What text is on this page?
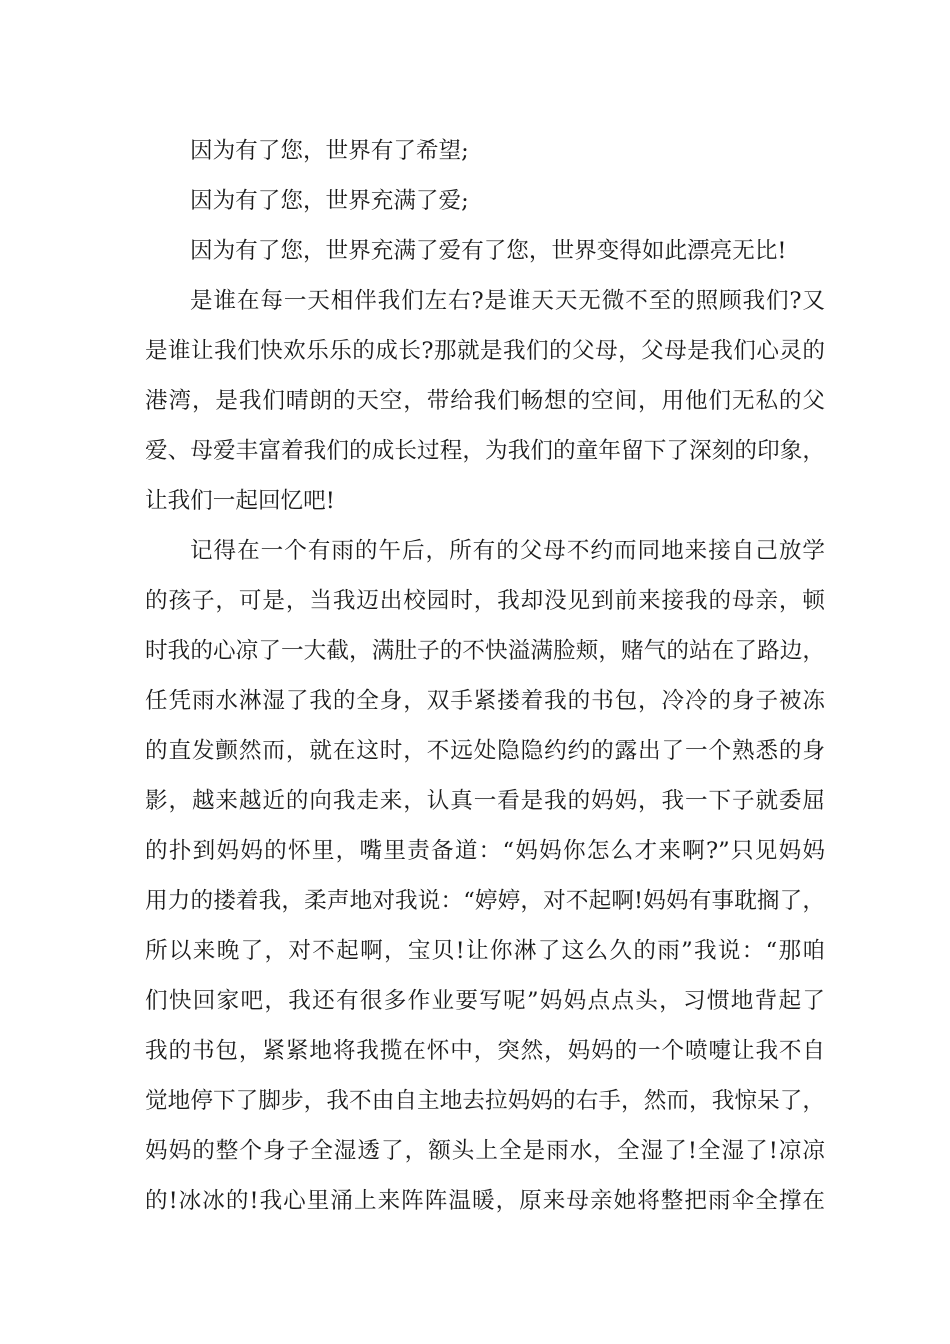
因为有了您，世界有了希望;
因为有了您，世界充满了爱;
因为有了您，世界充满了爱有了您，世界变得如此漂亮无比!
是谁在每一天相伴我们左右?是谁天天无微不至的照顾我们?又
是谁让我们快欢乐乐的成长?那就是我们的父母，父母是我们心灵的
港湾，是我们晴朗的天空，带给我们畅想的空间，用他们无私的父
爱、母爱丰富着我们的成长过程，为我们的童年留下了深刻的印象，
让我们一起回忆吧!
记得在一个有雨的午后，所有的父母不约而同地来接自己放学
的孩子，可是，当我迈出校园时，我却没见到前来接我的母亲，顿
时我的心凉了一大截，满肚子的不快溢满脸颊，赌气的站在了路边，
任凭雨水淋湿了我的全身，双手紧搂着我的书包，冷冷的身子被冻
的直发颤然而，就在这时，不远处隐隐约约的露出了一个熟悉的身
影，越来越近的向我走来，认真一看是我的妈妈，我一下子就委屈
的扑到妈妈的怀里，嘴里责备道：“妈妈你怎么才来啊?”只见妈妈
用力的搂着我，柔声地对我说：“婷婷，对不起啊!妈妈有事耽搁了，
所以来晚了，对不起啊，宝贝!让你淋了这么久的雨”我说：“那咱
们快回家吧，我还有很多作业要写呢”妈妈点点头，习惯地背起了
我的书包，紧紧地将我揽在怀中，突然，妈妈的一个喷嚏让我不自
觉地停下了脚步，我不由自主地去拉妈妈的右手，然而，我惊呆了，
妈妈的整个身子全湿透了，额头上全是雨水，全湿了!全湿了!凉凉
的!冰冰的!我心里涌上来阵阵温暖，原来母亲她将整把雨伞全撑在
